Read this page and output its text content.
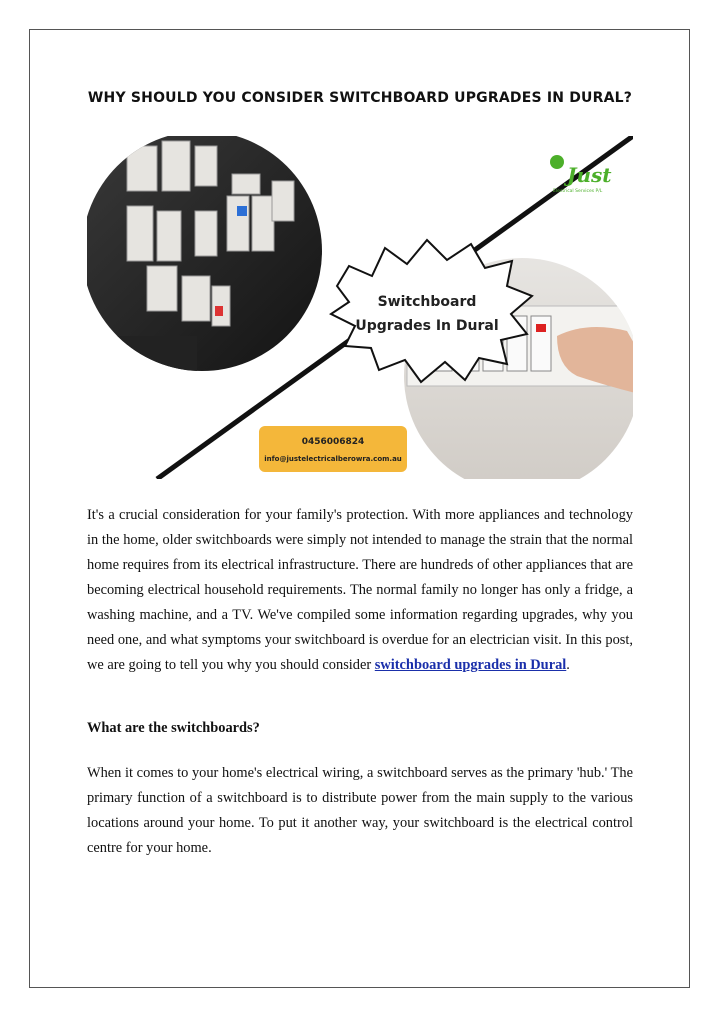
WHY SHOULD YOU CONSIDER SWITCHBOARD UPGRADES IN DURAL?
Switchboard
Upgrades In Dural
0456006824
info@justelectricalberowra.com.au
Just
Electrical Services P/L
It's a crucial consideration for your family's protection. With more appliances and technology in the home, older switchboards were simply not intended to manage the strain that the normal home requires from its electrical infrastructure. There are hundreds of other appliances that are becoming electrical household requirements. The normal family no longer has only a fridge, a washing machine, and a TV. We've compiled some information regarding upgrades, why you need one, and what symptoms your switchboard is overdue for an electrician visit. In this post, we are going to tell you why you should consider switchboard upgrades in Dural.
What are the switchboards?
When it comes to your home's electrical wiring, a switchboard serves as the primary 'hub.' The primary function of a switchboard is to distribute power from the main supply to the various locations around your home. To put it another way, your switchboard is the electrical control centre for your home.
